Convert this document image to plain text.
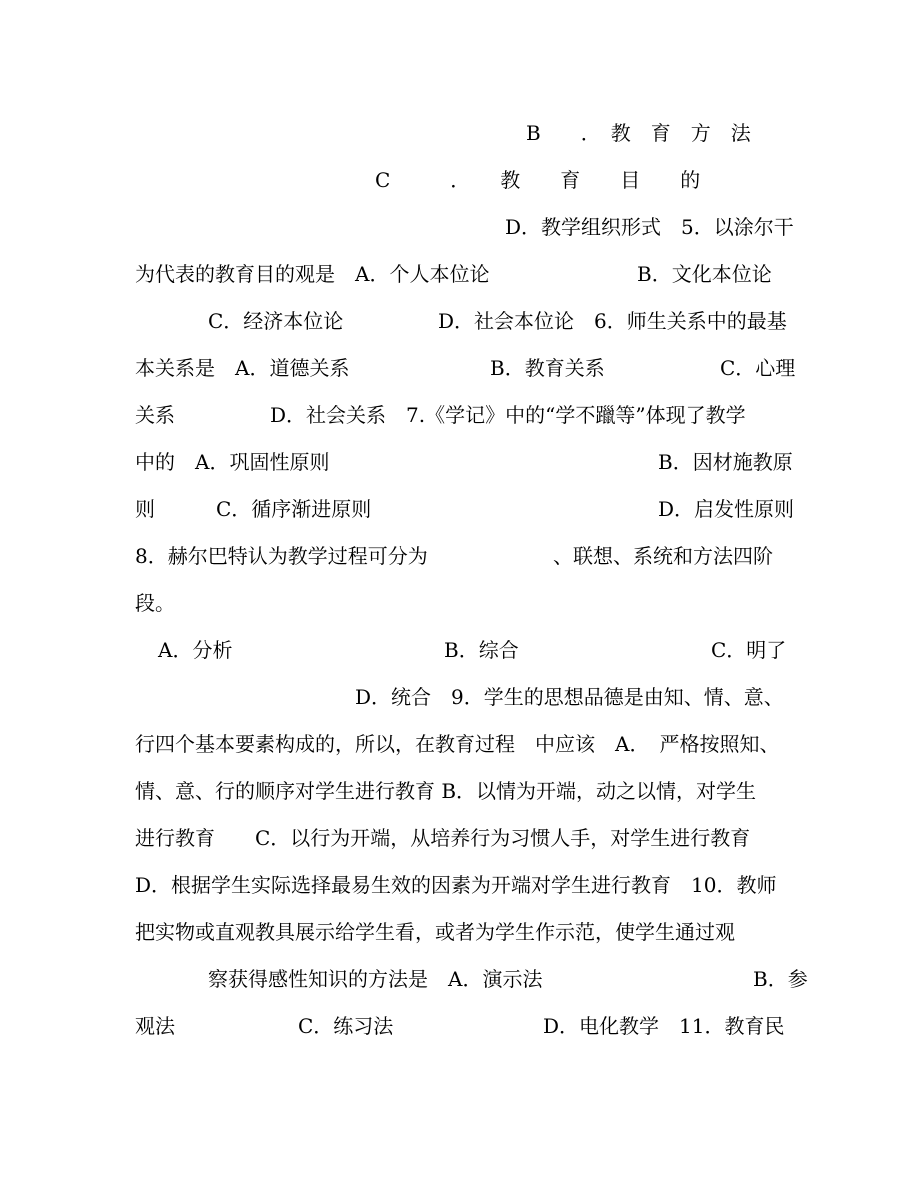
B　　．　教　育　方　法

C　　　．　　教　　育　　目　　的

D．教学组织形式　5．以涂尔干

为代表的教育目的观是　A．个人本位论

	B．文化本位论

C．经济本位论

	D．社会本位论　6．师生关系中的最基

本关系是　A．道德关系

	B．教育关系

	C．心理

关系

	D．社会关系　7.《学记》中的“学不躐等”体现了教学

中的　A．巩固性原则

	B．因材施教原

则

	C．循序渐进原则

	D．启发性原则

8．赫尔巴特认为教学过程可分为

	、联想、系统和方法四阶

段。

A．分析

	B．综合

	C．明了

D．统合　9．学生的思想品德是由知、情、意、

行四个基本要素构成的，所以，在教育过程　中应该　A．　严格按照知、

情、意、行的顺序对学生进行教育 B．以情为开端，动之以情，对学生

进行教育　　C．以行为开端，从培养行为习惯人手，对学生进行教育

D．根据学生实际选择最易生效的因素为开端对学生进行教育　10．教师

把实物或直观教具展示给学生看，或者为学生作示范，使学生通过观

察获得感性知识的方法是　A．演示法

	B．参

观法

	C．练习法

	D．电化教学　11．教育民
